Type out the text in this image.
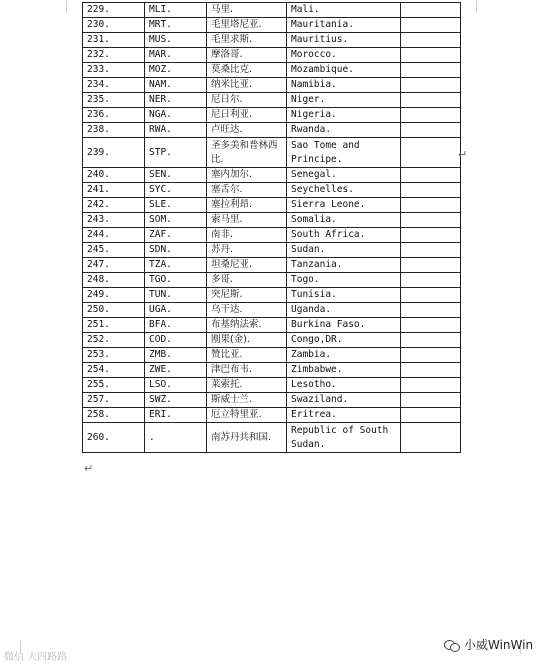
229.	MLI.	马里.	Mali.	
230.	MRT.	毛里塔尼亚.	Mauritania.	
231.	MUS.	毛里求斯.	Mauritius.	
232.	MAR.	摩洛哥.	Morocco.	
233.	MOZ.	莫桑比克.	Mozambique.	
234.	NAM.	纳米比亚.	Namibia.	
235.	NER.	尼日尔.	Niger.	
236.	NGA.	尼日利亚.	Nigeria.	
238.	RWA.	卢旺达.	Rwanda.	
239.	STP.	圣多美和普林西比.	Sao Tome and Principe.	
240.	SEN.	塞内加尔.	Senegal.	
241.	SYC.	塞舌尔.	Seychelles.	
242.	SLE.	塞拉利昂.	Sierra Leone.	
243.	SOM.	索马里.	Somalia.	
244.	ZAF.	南非.	South Africa.	
245.	SDN.	苏丹.	Sudan.	
247.	TZA.	坦桑尼亚.	Tanzania.	
248.	TGO.	多哥.	Togo.	
249.	TUN.	突尼斯.	Tunisia.	
250.	UGA.	乌干达.	Uganda.	
251.	BFA.	布基纳法索.	Burkina Faso.	
252.	COD.	刚果(金).	Congo,DR.	
253.	ZMB.	赞比亚.	Zambia.	
254.	ZWE.	津巴布韦.	Zimbabwe.	
255.	LSO.	莱索托.	Lesotho.	
257.	SWZ.	斯威士兰.	Swaziland.	
258.	ERI.	厄立特里亚.	Eritrea.	
260.	.	南苏丹共和国.	Republic of South Sudan.	
↵
↵
微信 大四路路
小威WinWin
